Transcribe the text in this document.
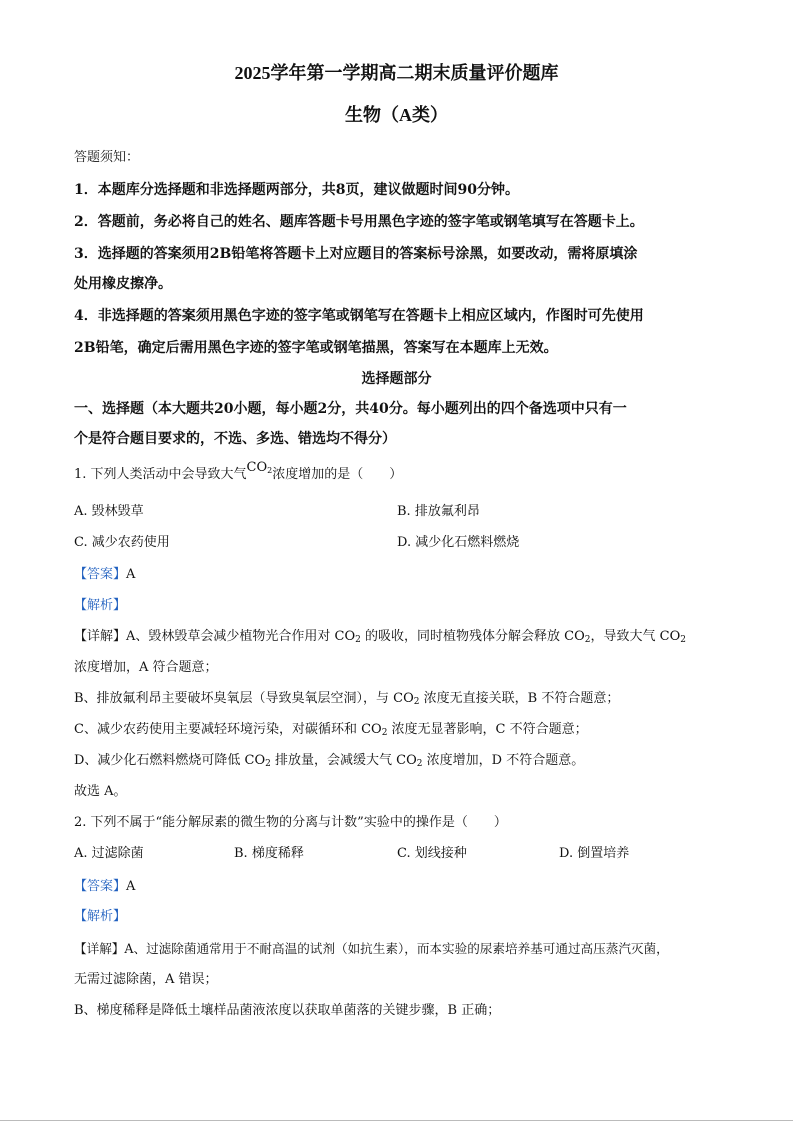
2025学年第一学期高二期末质量评价题库
生物（A类）
答题须知：
1．本题库分选择题和非选择题两部分，共8页，建议做题时间90分钟。
2．答题前，务必将自己的姓名、题库答题卡号用黑色字迹的签字笔或钢笔填写在答题卡上。
3．选择题的答案须用2B铅笔将答题卡上对应题目的答案标号涂黑，如要改动，需将原填涂
处用橡皮擦净。
4．非选择题的答案须用黑色字迹的签字笔或钢笔写在答题卡上相应区域内，作图时可先使用
2B铅笔，确定后需用黑色字迹的签字笔或钢笔描黑，答案写在本题库上无效。
选择题部分
一、选择题（本大题共20小题，每小题2分，共40分。每小题列出的四个备选项中只有一
个是符合题目要求的，不选、多选、错选均不得分）
1. 下列人类活动中会导致大气$CO_2$浓度增加的是（　　）
A. 毁林毁草	B. 排放氟利昂
C. 减少农药使用	D. 减少化石燃料燃烧
【答案】A
【解析】
【详解】A、毁林毁草会减少植物光合作用对 $CO_2$ 的吸收，同时植物残体分解会释放 $CO_2$，导致大气 $CO_2$
浓度增加，A 符合题意；
B、排放氟利昂主要破坏臭氧层（导致臭氧层空洞），与 $CO_2$ 浓度无直接关联，B 不符合题意；
C、减少农药使用主要减轻环境污染，对碳循环和 $CO_2$ 浓度无显著影响，C 不符合题意；
D、减少化石燃料燃烧可降低 $CO_2$ 排放量，会减缓大气 $CO_2$ 浓度增加，D 不符合题意。
故选 A。
2. 下列不属于“能分解尿素的微生物的分离与计数”实验中的操作是（　　）
A. 过滤除菌	B. 梯度稀释	C. 划线接种	D. 倒置培养
【答案】A
【解析】
【详解】A、过滤除菌通常用于不耐高温的试剂（如抗生素），而本实验的尿素培养基可通过高压蒸汽灭菌，
无需过滤除菌，A 错误；
B、梯度稀释是降低土壤样品菌液浓度以获取单菌落的关键步骤，B 正确；
